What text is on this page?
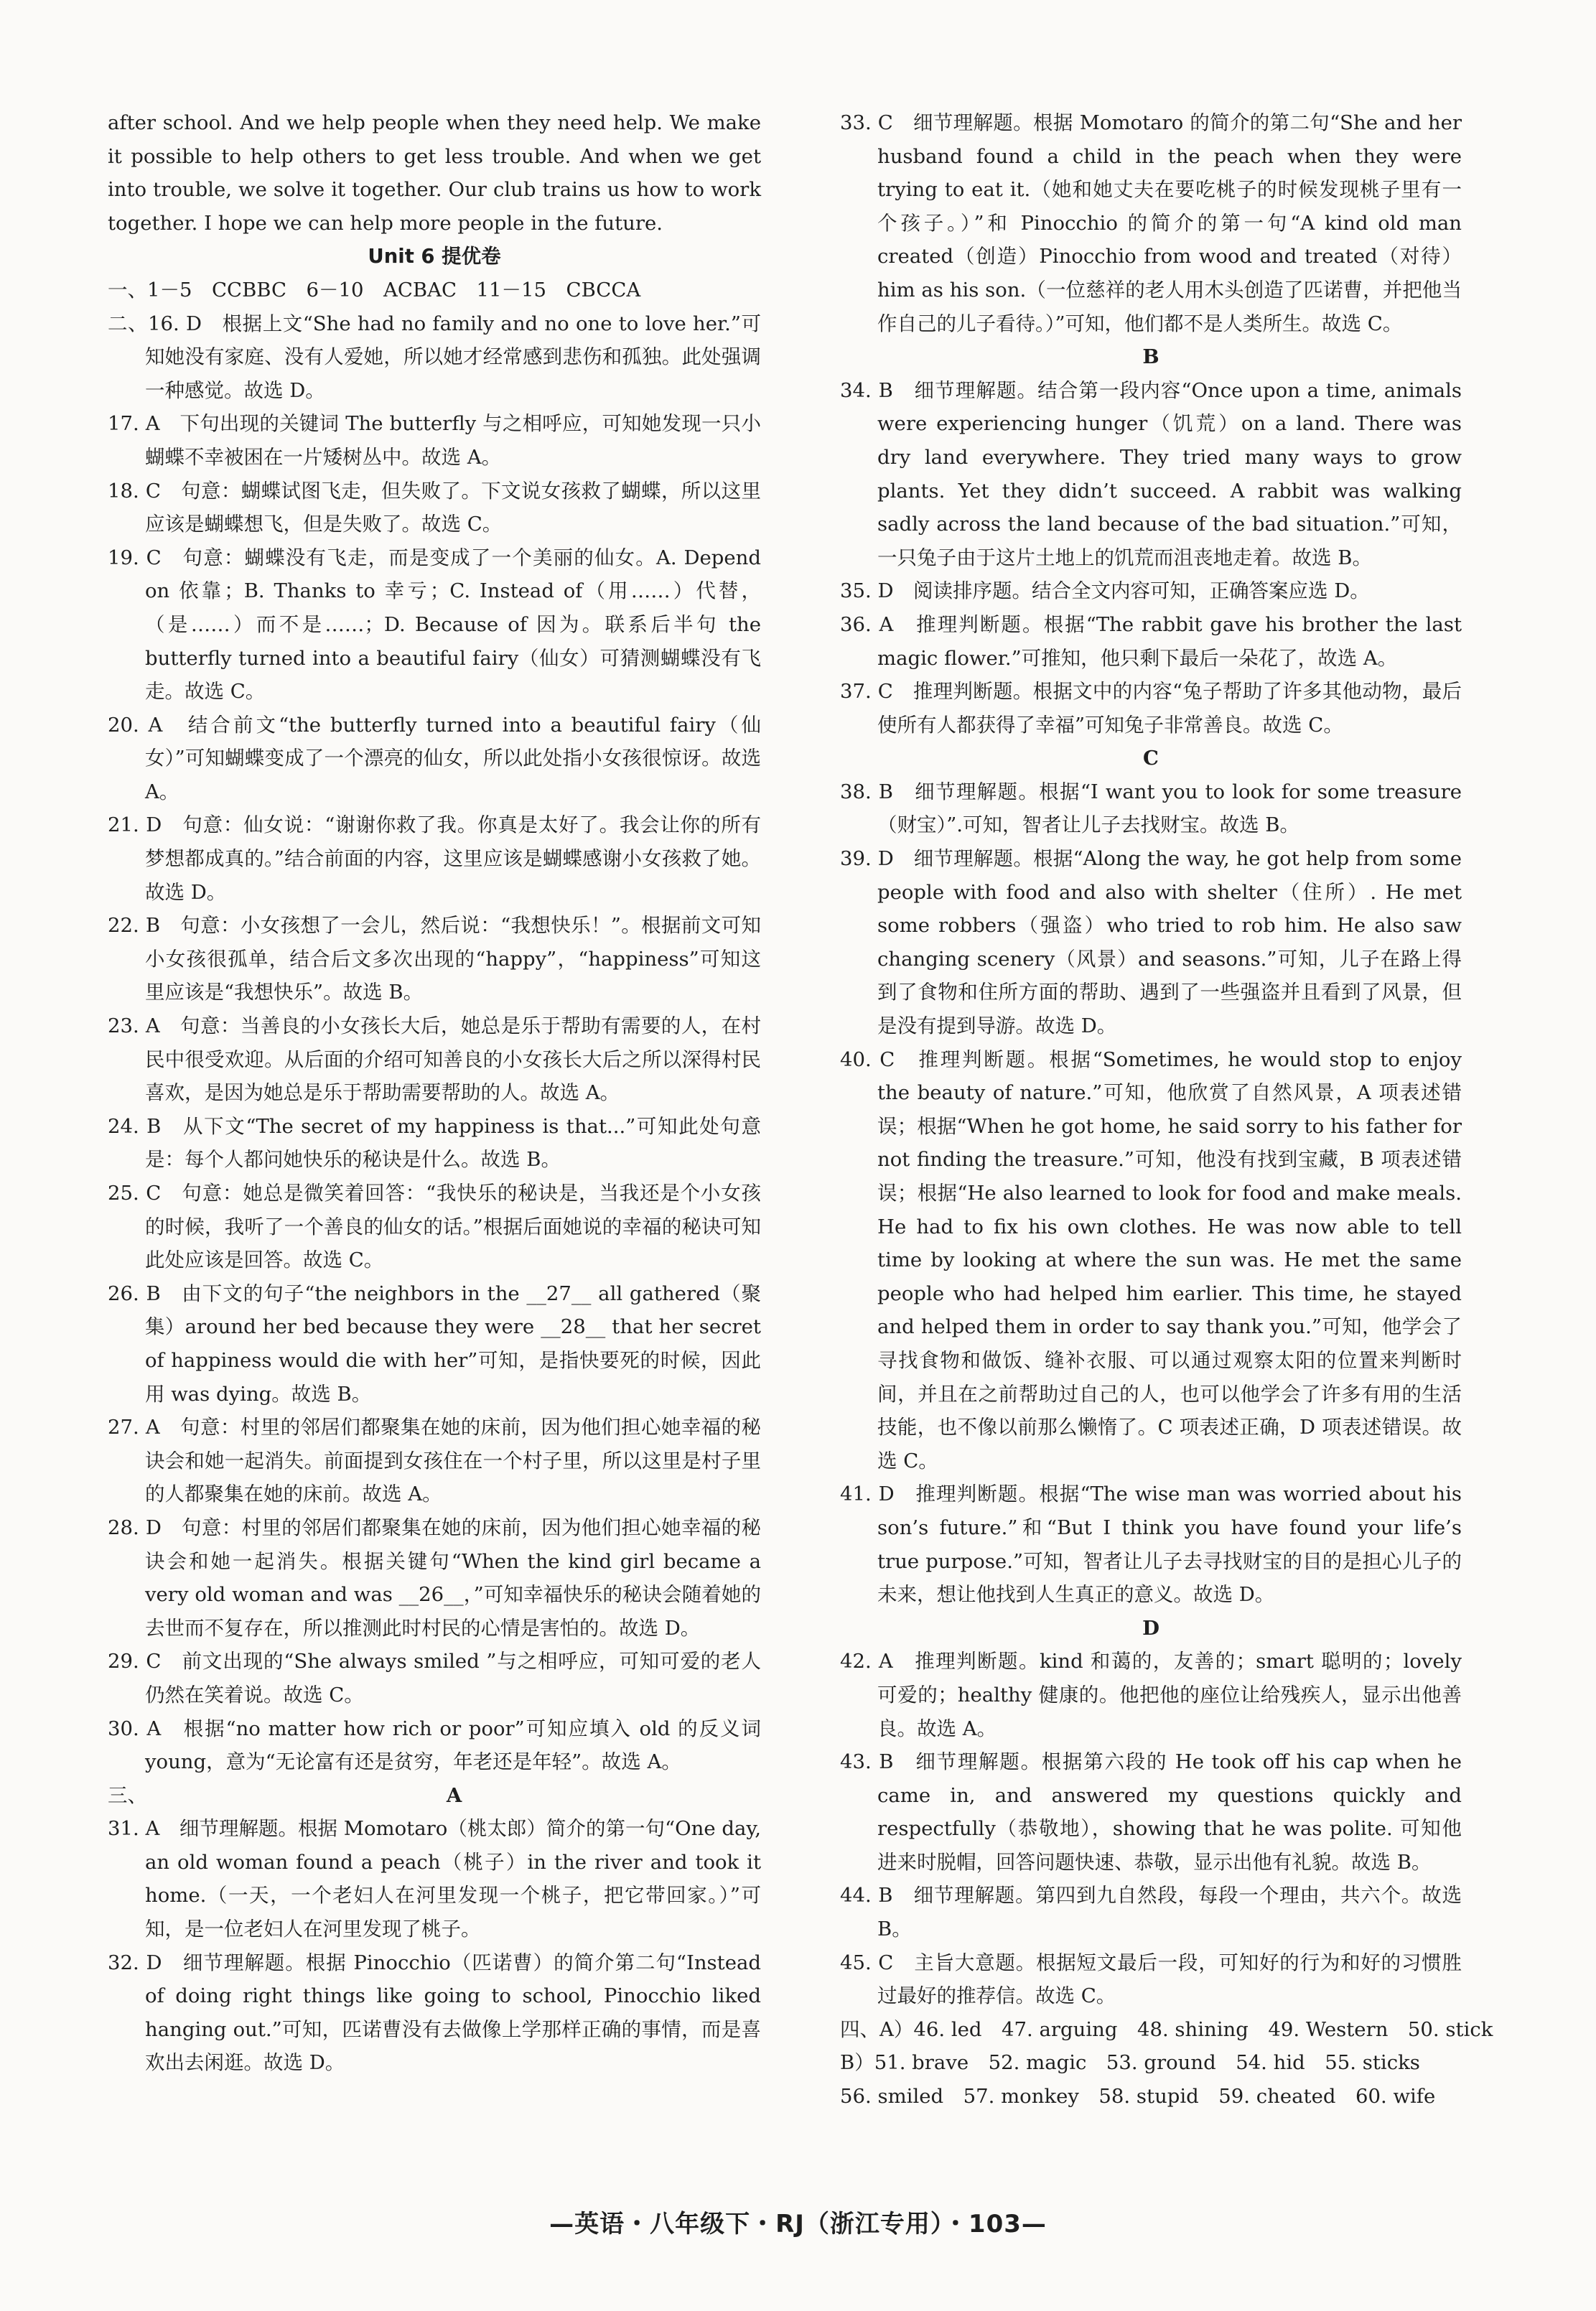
after school. And we help people when they need help. We make it possible to help others to get less trouble. And when we get into trouble, we solve it together. Our club trains us how to work together. I hope we can help more people in the future.

Unit 6 提优卷

一、1－5　CCBBC　6－10　ACBAC　11－15　CBCCA

二、16. D　根据上文“She had no family and no one to love her.”可知她没有家庭、没有人爱她，所以她才经常感到悲伤和孤独。此处强调一种感觉。故选 D。

17. A　下句出现的关键词 The butterfly 与之相呼应，可知她发现一只小蝴蝶不幸被困在一片矮树丛中。故选 A。

18. C　句意：蝴蝶试图飞走，但失败了。下文说女孩救了蝴蝶，所以这里应该是蝴蝶想飞，但是失败了。故选 C。

19. C　句意：蝴蝶没有飞走，而是变成了一个美丽的仙女。A. Depend on 依靠；B. Thanks to 幸亏；C. Instead of（用……）代替，（是……）而不是……；D. Because of 因为。联系后半句 the butterfly turned into a beautiful fairy（仙女）可猜测蝴蝶没有飞走。故选 C。

20. A　结合前文“the butterfly turned into a beautiful fairy（仙女）”可知蝴蝶变成了一个漂亮的仙女，所以此处指小女孩很惊讶。故选 A。

21. D　句意：仙女说：“谢谢你救了我。你真是太好了。我会让你的所有梦想都成真的。”结合前面的内容，这里应该是蝴蝶感谢小女孩救了她。故选 D。

22. B　句意：小女孩想了一会儿，然后说：“我想快乐！”。根据前文可知小女孩很孤单，结合后文多次出现的“happy”，“happiness”可知这里应该是“我想快乐”。故选 B。

23. A　句意：当善良的小女孩长大后，她总是乐于帮助有需要的人，在村民中很受欢迎。从后面的介绍可知善良的小女孩长大后之所以深得村民喜欢，是因为她总是乐于帮助需要帮助的人。故选 A。

24. B　从下文“The secret of my happiness is that...”可知此处句意是：每个人都问她快乐的秘诀是什么。故选 B。

25. C　句意：她总是微笑着回答：“我快乐的秘诀是，当我还是个小女孩的时候，我听了一个善良的仙女的话。”根据后面她说的幸福的秘诀可知此处应该是回答。故选 C。

26. B　由下文的句子“the neighbors in the __27__ all gathered（聚集）around her bed because they were __28__ that her secret of happiness would die with her”可知，是指快要死的时候，因此用 was dying。故选 B。

27. A　句意：村里的邻居们都聚集在她的床前，因为他们担心她幸福的秘诀会和她一起消失。前面提到女孩住在一个村子里，所以这里是村子里的人都聚集在她的床前。故选 A。

28. D　句意：村里的邻居们都聚集在她的床前，因为他们担心她幸福的秘诀会和她一起消失。根据关键句“When the kind girl became a very old woman and was __26__，”可知幸福快乐的秘诀会随着她的去世而不复存在，所以推测此时村民的心情是害怕的。故选 D。

29. C　前文出现的“She always smiled ”与之相呼应，可知可爱的老人仍然在笑着说。故选 C。

30. A　根据“no matter how rich or poor”可知应填入 old 的反义词 young，意为“无论富有还是贫穷，年老还是年轻”。故选 A。

三、	A

31. A　细节理解题。根据 Momotaro（桃太郎）简介的第一句“One day, an old woman found a peach（桃子）in the river and took it home.（一天，一个老妇人在河里发现一个桃子，把它带回家。）”可知，是一位老妇人在河里发现了桃子。

32. D　细节理解题。根据 Pinocchio（匹诺曹）的简介第二句“Instead of doing right things like going to school, Pinocchio liked hanging out.”可知，匹诺曹没有去做像上学那样正确的事情，而是喜欢出去闲逛。故选 D。

33. C　细节理解题。根据 Momotaro 的简介的第二句“She and her husband found a child in the peach when they were trying to eat it.（她和她丈夫在要吃桃子的时候发现桃子里有一个孩子。）”和 Pinocchio 的简介的第一句“A kind old man created（创造）Pinocchio from wood and treated（对待）him as his son.（一位慈祥的老人用木头创造了匹诺曹，并把他当作自己的儿子看待。）”可知，他们都不是人类所生。故选 C。

B

34. B　细节理解题。结合第一段内容“Once upon a time, animals were experiencing hunger（饥荒）on a land. There was dry land everywhere. They tried many ways to grow plants. Yet they didn’t succeed. A rabbit was walking sadly across the land because of the bad situation.”可知，一只兔子由于这片土地上的饥荒而沮丧地走着。故选 B。

35. D　阅读排序题。结合全文内容可知，正确答案应选 D。

36. A　推理判断题。根据“The rabbit gave his brother the last magic flower.”可推知，他只剩下最后一朵花了，故选 A。

37. C　推理判断题。根据文中的内容“兔子帮助了许多其他动物，最后使所有人都获得了幸福”可知兔子非常善良。故选 C。

C

38. B　细节理解题。根据“I want you to look for some treasure（财宝）”.可知，智者让儿子去找财宝。故选 B。

39. D　细节理解题。根据“Along the way, he got help from some people with food and also with shelter（住所）. He met some robbers（强盗）who tried to rob him. He also saw changing scenery（风景）and seasons.”可知，儿子在路上得到了食物和住所方面的帮助、遇到了一些强盗并且看到了风景，但是没有提到导游。故选 D。

40. C　推理判断题。根据“Sometimes, he would stop to enjoy the beauty of nature.”可知，他欣赏了自然风景，A 项表述错误；根据“When he got home, he said sorry to his father for not finding the treasure.”可知，他没有找到宝藏，B 项表述错误；根据“He also learned to look for food and make meals. He had to fix his own clothes. He was now able to tell time by looking at where the sun was. He met the same people who had helped him earlier. This time, he stayed and helped them in order to say thank you.”可知，他学会了寻找食物和做饭、缝补衣服、可以通过观察太阳的位置来判断时间，并且在之前帮助过自己的人，也可以他学会了许多有用的生活技能，也不像以前那么懒惰了。C 项表述正确，D 项表述错误。故选 C。

41. D　推理判断题。根据“The wise man was worried about his son’s future.”和“But I think you have found your life’s true purpose.”可知，智者让儿子去寻找财宝的目的是担心儿子的未来，想让他找到人生真正的意义。故选 D。

D

42. A　推理判断题。kind 和蔼的，友善的；smart 聪明的；lovely 可爱的；healthy 健康的。他把他的座位让给残疾人，显示出他善良。故选 A。

43. B　细节理解题。根据第六段的 He took off his cap when he came in, and answered my questions quickly and respectfully（恭敬地），showing that he was polite. 可知他进来时脱帽，回答问题快速、恭敬，显示出他有礼貌。故选 B。

44. B　细节理解题。第四到九自然段，每段一个理由，共六个。故选 B。

45. C　主旨大意题。根据短文最后一段，可知好的行为和好的习惯胜过最好的推荐信。故选 C。

四、A）46. led　47. arguing　48. shining　49. Western　50. stick

B）51. brave　52. magic　53. ground　54. hid　55. sticks

56. smiled　57. monkey　58. stupid　59. cheated　60. wife

—英语・八年级下・RJ（浙江专用）・103—
